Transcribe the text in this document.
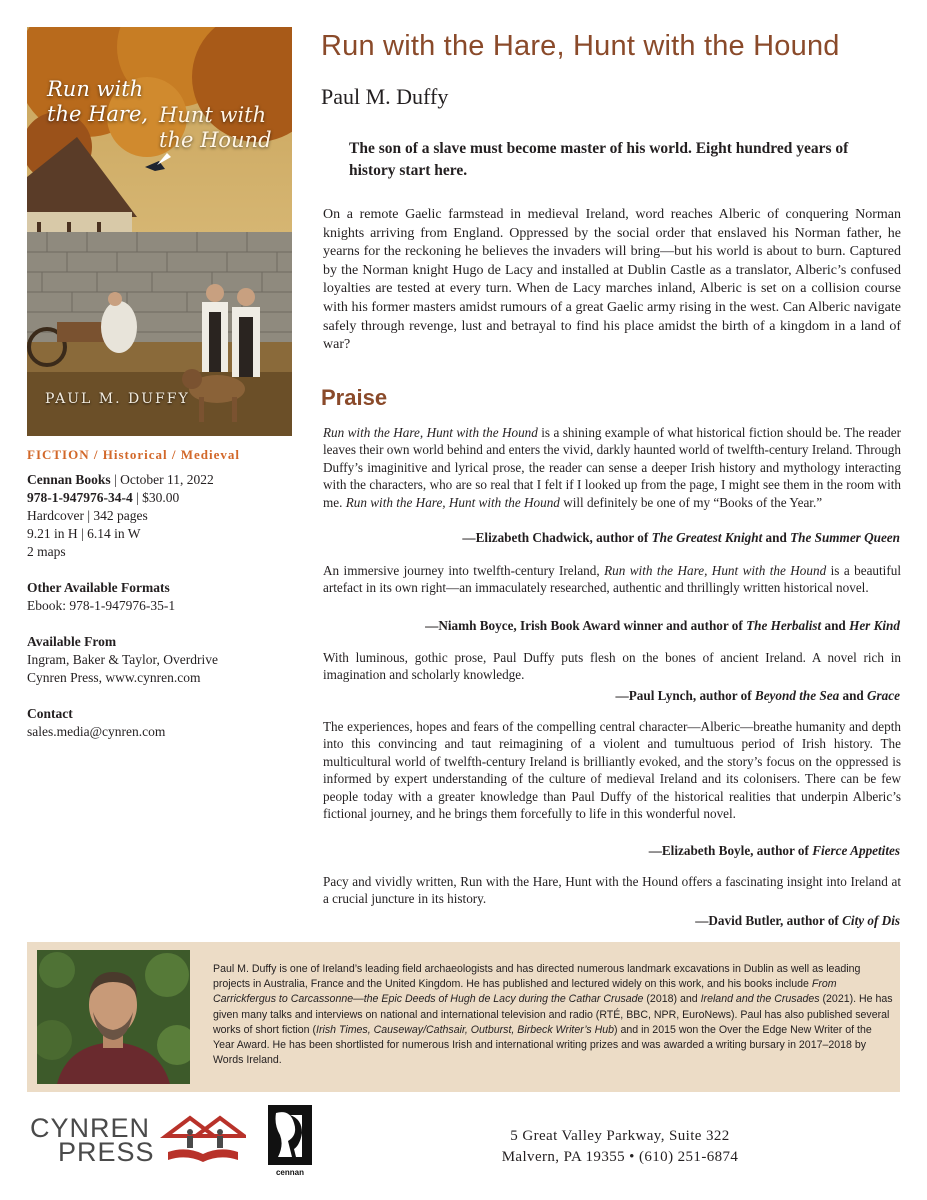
Run with
the Hare, Hunt with
the Hound
PAUL M. DUFFY
FICTION / Historical / Medieval
Cennan Books | October 11, 2022
978-1-947976-34-4 | $30.00
Hardcover | 342 pages
9.21 in H | 6.14 in W
2 maps
Other Available Formats
Ebook: 978-1-947976-35-1
Available From
Ingram, Baker & Taylor, Overdrive
Cynren Press, www.cynren.com
Contact
sales.media@cynren.com
Run with the Hare, Hunt with the Hound
Paul M. Duffy
The son of a slave must become master of his world. Eight hundred years of history start here.
On a remote Gaelic farmstead in medieval Ireland, word reaches Alberic of conquering Norman knights arriving from England. Oppressed by the social order that enslaved his Norman father, he yearns for the reckoning he believes the invaders will bring—but his world is about to burn. Captured by the Norman knight Hugo de Lacy and installed at Dublin Castle as a translator, Alberic’s confused loyalties are tested at every turn. When de Lacy marches inland, Alberic is set on a collision course with his former masters amidst rumours of a great Gaelic army rising in the west. Can Alberic navigate safely through revenge, lust and betrayal to find his place amidst the birth of a kingdom in a land of war?
Praise
Run with the Hare, Hunt with the Hound is a shining example of what historical fiction should be. The reader leaves their own world behind and enters the vivid, darkly haunted world of twelfth-century Ireland. Through Duffy’s imaginitive and lyrical prose, the reader can sense a deeper Irish history and mythology interacting with the characters, who are so real that I felt if I looked up from the page, I might see them in the room with me. Run with the Hare, Hunt with the Hound will definitely be one of my “Books of the Year.”
—Elizabeth Chadwick, author of The Greatest Knight and The Summer Queen
An immersive journey into twelfth-century Ireland, Run with the Hare, Hunt with the Hound is a beautiful artefact in its own right—an immaculately researched, authentic and thrillingly written historical novel.
—Niamh Boyce, Irish Book Award winner and author of The Herbalist and Her Kind
With luminous, gothic prose, Paul Duffy puts flesh on the bones of ancient Ireland. A novel rich in imagination and scholarly knowledge.
—Paul Lynch, author of Beyond the Sea and Grace
The experiences, hopes and fears of the compelling central character—Alberic—breathe humanity and depth into this convincing and taut reimagining of a violent and tumultuous period of Irish history. The multicultural world of twelfth-century Ireland is brilliantly evoked, and the story’s focus on the oppressed is informed by expert understanding of the culture of medieval Ireland and its colonisers. There can be few people today with a greater knowledge than Paul Duffy of the historical realities that underpin Alberic’s fictional journey, and he brings them forcefully to life in this wonderful novel.
—Elizabeth Boyle, author of Fierce Appetites
Pacy and vividly written, Run with the Hare, Hunt with the Hound offers a fascinating insight into Ireland at a crucial juncture in its history.
—David Butler, author of City of Dis
Paul M. Duffy is one of Ireland’s leading field archaeologists and has directed numerous landmark excavations in Dublin as well as leading projects in Australia, France and the United Kingdom. He has published and lectured widely on this work, and his books include From Carrickfergus to Carcassonne—the Epic Deeds of Hugh de Lacy during the Cathar Crusade (2018) and Ireland and the Crusades (2021). He has given many talks and interviews on national and international television and radio (RTÉ, BBC, NPR, EuroNews). Paul has also published several works of short fiction (Irish Times, Causeway/Cathsair, Outburst, Birbeck Writer’s Hub) and in 2015 won the Over the Edge New Writer of the Year Award. He has been shortlisted for numerous Irish and international writing prizes and was awarded a writing bursary in 2017–2018 by Words Ireland.
CYNREN
PRESS
cennan
5 Great Valley Parkway, Suite 322
Malvern, PA 19355 • (610) 251-6874
